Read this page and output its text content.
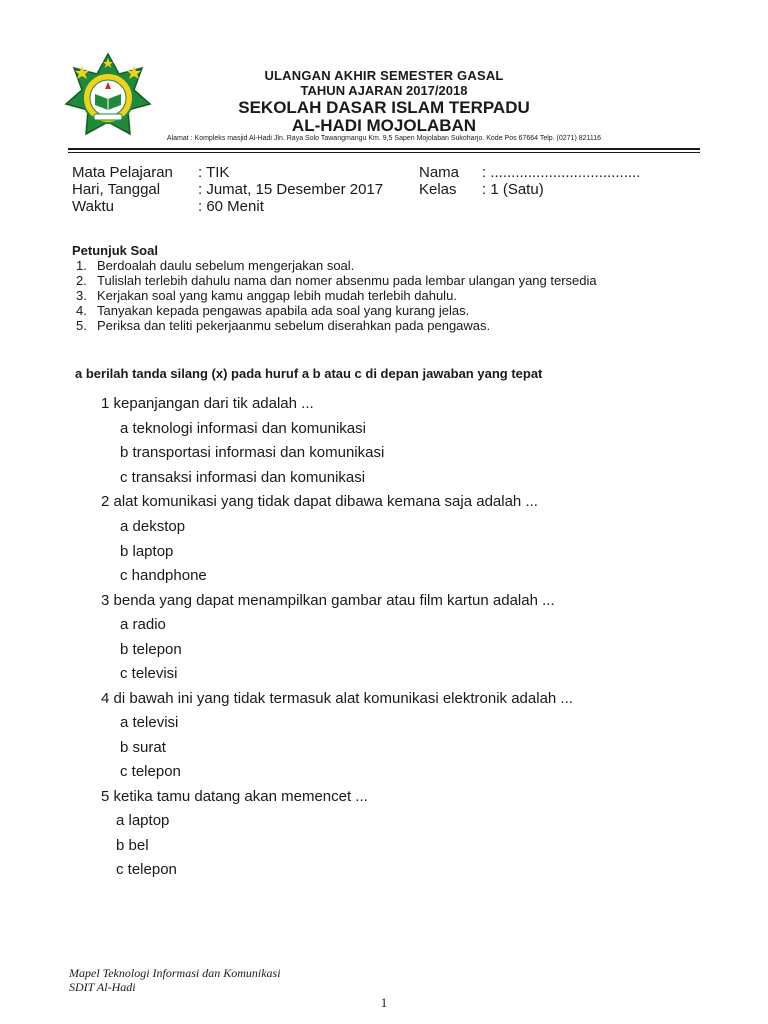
ULANGAN AKHIR SEMESTER GASAL
TAHUN AJARAN 2017/2018
SEKOLAH DASAR ISLAM TERPADU
AL-HADI MOJOLABAN
Alamat : Kompleks masjid Al-Hadi Jln. Raya Solo Tawangmangu Km. 9,5 Sapen Mojolaban Sukoharjo. Kode Pos 67664 Telp. (0271) 821116
Mata Pelajaran : TIK	Nama : ....................................
Hari, Tanggal	: Jumat, 15 Desember 2017 Kelas : 1 (Satu)
Waktu	: 60 Menit
Petunjuk Soal
1. Berdoalah daulu sebelum mengerjakan soal.
2. Tulislah terlebih dahulu nama dan nomer absenmu pada lembar ulangan yang tersedia
3. Kerjakan soal yang kamu anggap lebih mudah terlebih dahulu.
4. Tanyakan kepada pengawas apabila ada soal yang kurang jelas.
5. Periksa dan teliti pekerjaanmu sebelum diserahkan pada pengawas.
a berilah tanda silang (x) pada huruf a b atau c di depan jawaban yang tepat
1 kepanjangan dari tik adalah ...
a teknologi informasi dan komunikasi
b transportasi informasi dan komunikasi
c transaksi informasi dan komunikasi
2 alat komunikasi yang tidak dapat dibawa kemana saja adalah ...
a dekstop
b laptop
c handphone
3 benda yang dapat menampilkan gambar atau film kartun adalah ...
a radio
b telepon
c televisi
4 di bawah ini yang tidak termasuk alat komunikasi elektronik adalah ...
a televisi
b surat
c telepon
5 ketika tamu datang akan memencet ...
a laptop
b bel
c telepon
Mapel Teknologi Informasi dan Komunikasi
SDIT Al-Hadi
1
